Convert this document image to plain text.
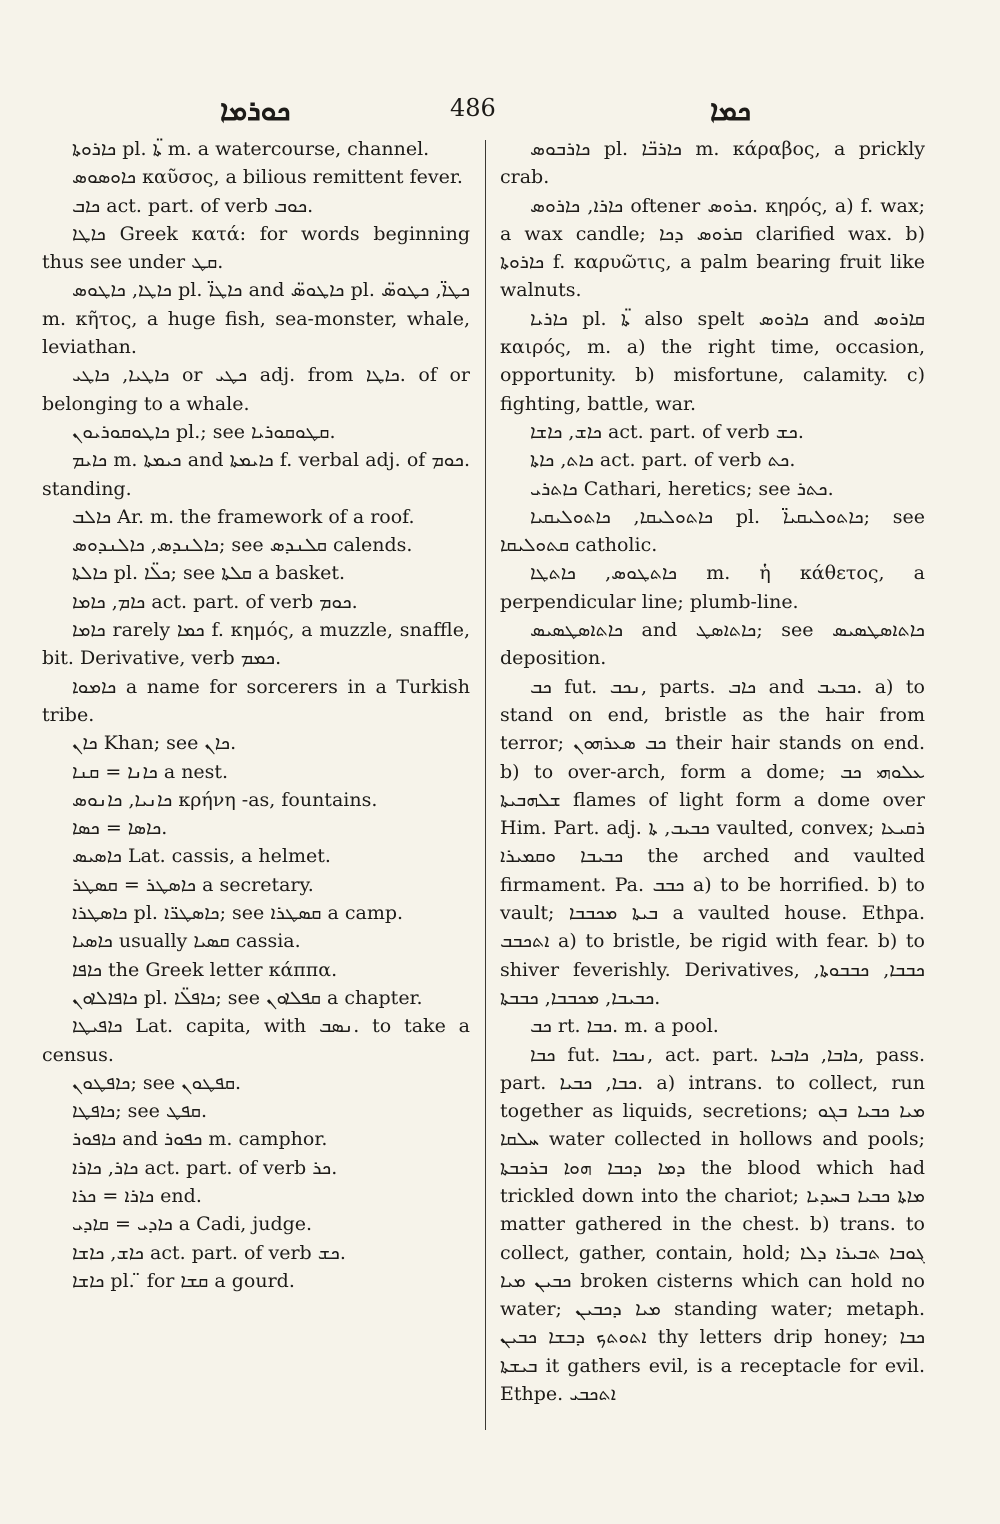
ܟܘܪܡܐ	486	ܟܡܐ

ܟܐܪܘܬܐ pl. ܬ̈ܐ m. a watercourse, channel.

ܟܐܘܣܘܣ καῦσος, a bilious remittent fever.

ܟܐܒ act. part. of verb ܟܘܒ.

ܟܐܛܐ Greek κατά: for words beginning thus see under ܩܛ.

ܟܐܛܐ, ܟܐܛܘܣ pl. ܟܐܛܐ̈ and ܟܐܛܘܣ̈ pl. ܟܛܐ̈, ܟܛܘܣ̈ m. κῆτος, a huge fish, sea-monster, whale, leviathan.

ܟܐܛܝܐ, ܟܐܛܝ or ܟܛܝ adj. from ܟܐܛܐ. of or belonging to a whale.

ܟܐܛܘܩܘܪܝܘܢ pl.; see ܩܛܘܩܘܪܝܐ.

ܟܐܝܡ m. ܟܝܡܬܐ and ܟܐܝܡܬܐ f. verbal adj. of ܟܘܡ. standing.

ܟܐܠܒ Ar. m. the framework of a roof.

ܟܐܠܢܕܣ, ܟܐܠܢܕܘܣ; see ܩܠܢܕܣ calends.

ܟܐܠܬܐ pl. ܟܠ̈ܐ; see ܩܠܬܐ a basket.

ܟܐܡ, ܟܐܡܐ act. part. of verb ܟܘܡ.

ܟܐܡܐ rarely ܟܡܐ f. κημός, a muzzle, snaffle, bit. Derivative, verb ܟܡܡ.

ܟܐܡܘܐ a name for sorcerers in a Turkish tribe.

ܟܐܢ Khan; see ܟܐܢ.

ܟܐܢܐ = ܩܢܐ a nest.

ܟܐܢܝܐ, ܟܐܢܘܣ κρήνη -as, fountains.

ܟܐܣܐ = ܟܣܐ.

ܟܐܣܝܣ Lat. cassis, a helmet.

ܟܐܣܛܪ = ܩܣܛܪ a secretary.

ܟܐܣܛܪܐ pl. ܟܐܣܛܪ̈ܐ; see ܩܣܛܪܐ a camp.

ܟܐܣܝܐ usually ܩܣܝܐ cassia.

ܟܐܦܐ the Greek letter κάππα.

ܟܐܦܐܠܐܘܢ pl. ܟܐܦܠ̈ܐ; see ܩܦܠܐܘܢ a chapter.

ܟܐܦܝܛܐ Lat. capita, with ܢܣܒ. to take a census.

ܟܐܦܛܘܢ; see ܩܦܛܘܢ.

ܟܐܦܛܐ; see ܩܦܛ.

ܟܐܦܘܪ and ܟܦܘܪ m. camphor.

ܟܐܪ, ܟܐܪܐ act. part. of verb ܟܪ.

ܟܐܪܐ = ܟܪܐ end.

ܟܐܕܝ = ܩܐܕܝ a Cadi, judge.

ܟܐܫ, ܟܐܫܐ act. part. of verb ܟܫ.

ܟܐܫܐ pl. ̈ for ܩܫܐ a gourd.

ܟܐܪܒܘܣ pl. ܟܐܪܒ̈ܐ m. κάραβος, a prickly crab.

ܟܐܪܐ, ܟܐܪܘܣ oftener ܟܪܘܣ. κηρός, a) f. wax; a wax candle; ܩܪܘܣ ܕܟܐ clarified wax. b) ܟܐܪܘܬܐ f. καρυῶτις, a palm bearing fruit like walnuts.

ܟܐܪܝܐ pl. ܬ̈ܐ also spelt ܟܐܪܘܣ and ܩܐܪܘܣ καιρός, m. a) the right time, occasion, opportunity. b) misfortune, calamity. c) fighting, battle, war.

ܟܐܫ, ܟܐܫܐ act. part. of verb ܟܫ.

ܟܐܬ, ܟܐܬܐ act. part. of verb ܟܬ.

ܟܐܬܪܝ Cathari, heretics; see ܟܬܪ.

ܟܐܬܘܠܝܩܐ, ܟܐܬܘܠܝܩܝܐ pl. ܟܐܬܘܠܝܩܝܐ̈; see ܩܬܘܠܝܩܐ catholic.

ܟܐܬܛܘܣ, ܟܐܬܛܐ m. ἡ κάθετος, a perpendicular line; plumb-line.

ܟܐܬܐܣܛܣܝܣ and ܟܐܬܐܣܛ; see ܟܐܬܐܣܛܣܝܣ deposition.

ܟܒ fut. ܢܟܒ, parts. ܟܐܒ and ܟܒܝܒ. a) to stand on end, bristle as the hair from terror; ܟܒ ܣܥܪܗܘܢ their hair stands on end. b) to over-arch, form a dome; ܥܠܘܗܝ ܟܒ ܫܠܗܒܝܬܐ flames of light form a dome over Him. Part. adj. ܟܒܝܒ, ܬܐ vaulted, convex; ܪܩܝܥܐ ܟܒܝܒܐ ܘܩܡܝܪܐ the arched and vaulted firmament. Pa. ܟܒܒ a) to be horrified. b) to vault; ܒܝܬܐ ܡܟܒܒܐ a vaulted house. Ethpa. ܐܬܟܒܒ a) to bristle, be rigid with fear. b) to shiver feverishly. Derivatives, ܟܒܒܐ, ܟܒܒܘܬܐ, ܟܒܝܒܐ, ܡܟܒܒܐ, ܟܒܒܬܐ.

ܟܒ rt. ܟܒܐ. m. a pool.

ܟܒܐ fut. ܢܟܒܐ, act. part. ܟܐܒܐ, ܟܐܒܝܐ, pass. part. ܟܒܐ, ܟܒܝܐ. a) intrans. to collect, run together as liquids, secretions; ܡܝܐ ܟܒܝܐ ܒܓܘ ܚܠܩܐ water collected in hollows and pools; ܕܡܐ ܕܟܒܐ ܗܘܐ ܒܪܟܒܬܐ the blood which had trickled down into the chariot; ܡܐܬܐ ܟܒܝܐ ܒܚܕܝܐ matter gathered in the chest. b) trans. to collect, gather, contain, hold; ܓܘܒܐ ܬܒܝܪܐ ܕܠܐ ܟܒܝܢ ܡܝܐ broken cisterns which can hold no water; ܡܝܐ ܕܟܒܝܢ standing water; metaph. ܐܬܘܬܟ ܕܒܫܐ ܟܒܝܢ thy letters drip honey; ܟܒܐ ܒܝܫܬܐ it gathers evil, is a receptacle for evil. Ethpe. ܐܬܟܒܝ
